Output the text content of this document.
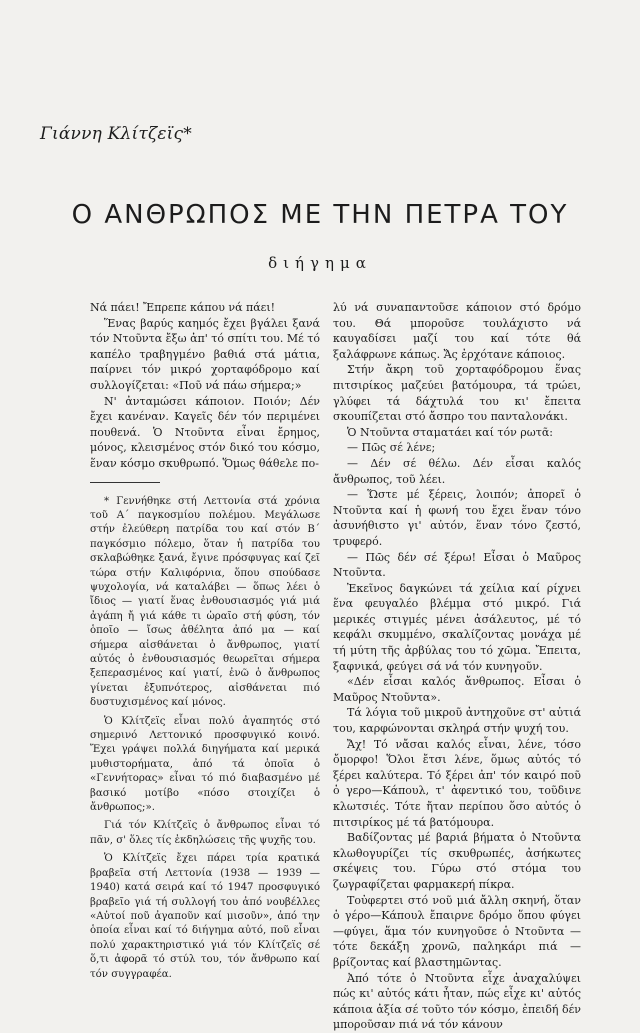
Γιάννη Κλίτζεϊς*
Ο ΑΝΘΡΩΠΟΣ ΜΕ ΤΗΝ ΠΕΤΡΑ ΤΟΥ
διήγημα

Νά πάει! Ἔπρεπε κάπου νά πάει!

Ἕνας βαρύς καημός ἔχει βγάλει ξανά τόν Ντοῦντα ἔξω ἀπ' τό σπίτι του. Μέ τό καπέλο τραβηγμένο βαθιά στά μάτια, παίρνει τόν μικρό χορταφόδρομο καί συλλογίζεται: «Ποῦ νά πάω σήμερα;»

Ν' ἀνταμώσει κάποιον. Ποιόν; Δέν ἔχει κανέναν. Καγεῖς δέν τόν περιμένει πουθενά. Ὁ Ντοῦντα εἶναι ἔρημος, μόνος, κλεισμένος στόν δικό του κόσμο, ἕναν κόσμο σκυθρωπό. Ὅμως θάθελε πο-

* Γεννήθηκε στή Λεττονία στά χρόνια τοῦ Α΄ παγκοσμίου πολέμου. Μεγάλωσε στήν ἐλεύθερη πατρίδα του καί στόν Β΄ παγκόσμιο πόλεμο, ὅταν ἡ πατρίδα του σκλαβώθηκε ξανά, ἔγινε πρόσφυγας καί ζεῖ τώρα στήν Καλιφόρνια, ὅπου σπούδασε ψυχολογία, νά καταλάβει — ὅπως λέει ὁ ἴδιος — γιατί ἕνας ἐνθουσιασμός γιά μιά ἀγάπη ἤ γιά κάθε τι ὡραῖο στή φύση, τόν ὁποῖο — ἴσως ἀθέλητα ἀπό μα — καί σήμερα αἰσθάνεται ὁ ἄνθρωπος, γιατί αὐτός ὁ ἐνθουσιασμός θεωρεῖται σήμερα ξεπερασμένος καί γιατί, ἐνῶ ὁ ἄνθρωπος γίνεται ἐξυπνότερος, αἰσθάνεται πιό δυστυχισμένος καί μόνος.

Ὁ Κλίτζεϊς εἶναι πολύ ἀγαπητός στό σημερινό Λεττονικό προσφυγικό κοινό. Ἔχει γράψει πολλά διηγήματα καί μερικά μυθιστορήματα, ἀπό τά ὁποῖα ὁ «Γεννήτορας» εἶναι τό πιό διαβασμένο μέ βασικό μοτίβο «πόσο στοιχίζει ὁ ἄνθρωπος;».

Γιά τόν Κλίτζεϊς ὁ ἄνθρωπος εἶναι τό πᾶν, σ' ὅλες τίς ἐκδηλώσεις τῆς ψυχῆς του.

Ὁ Κλίτζεϊς ἔχει πάρει τρία κρατικά βραβεῖα στή Λεττονία (1938 — 1939 — 1940) κατά σειρά καί τό 1947 προσφυγικό βραβεῖο γιά τή συλλογή του ἀπό νουβέλλες «Αὐτοί ποῦ ἀγαποῦν καί μισοῦν», ἀπό την ὁποία εἶναι καί τό διήγημα αὐτό, ποῦ εἶναι πολύ χαρακτηριστικό γιά τόν Κλίτζεϊς σέ ὅ,τι ἀφορᾶ τό στύλ του, τόν ἄνθρωπο καί τόν συγγραφέα.

λύ νά συναπαντοῦσε κάποιον στό δρόμο του. Θά μποροῦσε τουλάχιστο νά καυγαδίσει μαζί του καί τότε θά ξαλάφρωνε κάπως. Ἄς ἐρχότανε κάποιος.

Στήν ἄκρη τοῦ χορταφόδρομου ἕνας πιτσιρίκος μαζεύει βατόμουρα, τά τρώει, γλύφει τά δάχτυλά του κι' ἔπειτα σκουπίζεται στό ἄσπρο του πανταλονάκι.

Ὁ Ντοῦντα σταματάει καί τόν ρωτᾶ:

— Πῶς σέ λένε;

— Δέν σέ θέλω. Δέν εἶσαι καλός ἄνθρωπος, τοῦ λέει.

— Ὥστε μέ ξέρεις, λοιπόν; ἀπορεῖ ὁ Ντοῦντα καί ἡ φωνή του ἔχει ἕναν τόνο ἀσυνήθιστο γι' αὐτόν, ἕναν τόνο ζεστό, τρυφερό.

— Πῶς δέν σέ ξέρω! Εἶσαι ὁ Μαῦρος Ντοῦντα.

Ἐκεῖνος δαγκώνει τά χείλια καί ρίχνει ἕνα φευγαλέο βλέμμα στό μικρό. Γιά μερικές στιγμές μένει ἀσάλευτος, μέ τό κεφάλι σκυμμένο, σκαλίζοντας μονάχα μέ τή μύτη τῆς ἀρβύλας του τό χῶμα. Ἔπειτα, ξαφνικά, φεύγει σά νά τόν κυνηγοῦν.

«Δέν εἶσαι καλός ἄνθρωπος. Εἶσαι ὁ Μαῦρος Ντοῦντα».

Τά λόγια τοῦ μικροῦ ἀντηχοῦνε στ' αὐτιά του, καρφώνονται σκληρά στήν ψυχή του.

Ἄχ! Τό νἄσαι καλός εἶναι, λένε, τόσο ὄμορφο! Ὅλοι ἔτσι λένε, ὅμως αὐτός τό ξέρει καλύτερα. Τό ξέρει ἀπ' τόν καιρό ποῦ ὁ γερο—Κάπουλ, τ' ἀφεντικό του, τοῦδινε κλωτσιές. Τότε ἤταν περίπου ὅσο αὐτός ὁ πιτσιρίκος μέ τά βατόμουρα.

Βαδίζοντας μέ βαριά βήματα ὁ Ντοῦντα κλωθογυρίζει τίς σκυθρωπές, ἀσήκωτες σκέψεις του. Γύρω στό στόμα του ζωγραφίζεται φαρμακερή πίκρα.

Τοὐφερτει στό νοῦ μιά ἄλλη σκηνή, ὅταν ὁ γέρο—Κάπουλ ἔπαιρνε δρόμο ὅπου φύγει—φύγει, ἅμα τόν κυνηγοῦσε ὁ Ντοῦντα — τότε δεκάξη χρονῶ, παληκάρι πιά — βρίζοντας καί βλαστημῶντας.

Ἀπό τότε ὁ Ντοῦντα εἶχε ἀναχαλύψει πώς κι' αὐτός κάτι ἦταν, πώς εἶχε κι' αὐτός κάποια ἀξία σέ τοῦτο τόν κόσμο, ἐπειδή δέν μποροῦσαν πιά νά τόν κάνουν
